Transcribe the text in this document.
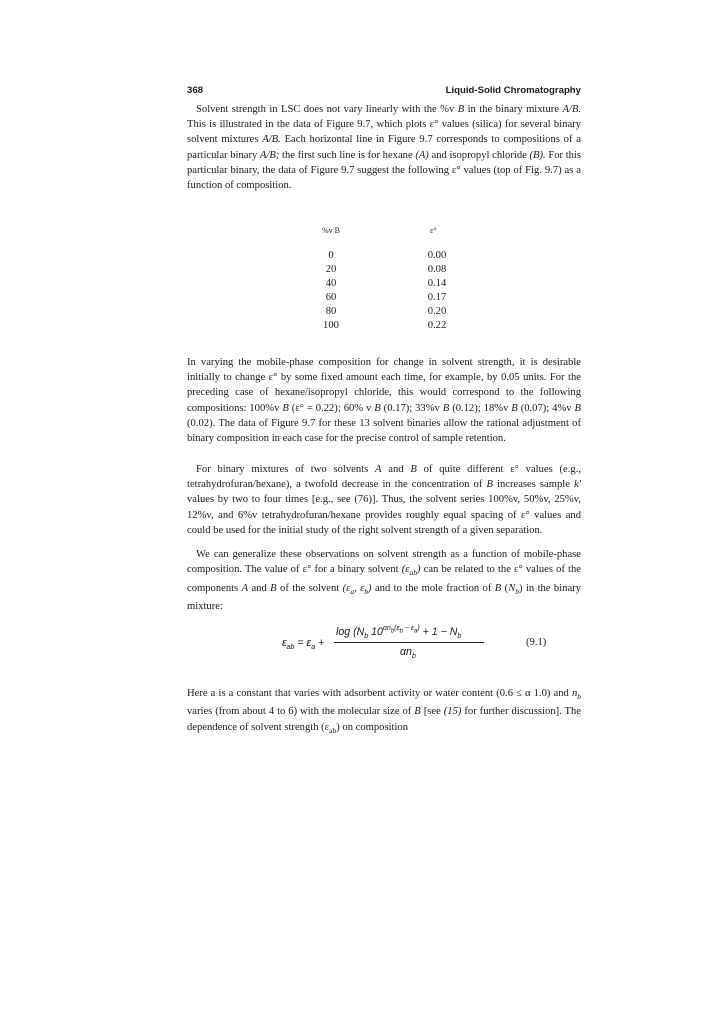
368	Liquid-Solid Chromatography

Solvent strength in LSC does not vary linearly with the %v B in the binary mixture A/B. This is illustrated in the data of Figure 9.7, which plots ε° values (silica) for several binary solvent mixtures A/B. Each horizontal line in Figure 9.7 corresponds to compositions of a particular binary A/B; the first such line is for hexane (A) and isopropyl chloride (B). For this particular binary, the data of Figure 9.7 suggest the following ε° values (top of Fig. 9.7) as a function of composition.

%v B	ε°
0	0.00
20	0.08
40	0.14
60	0.17
80	0.20
100	0.22

In varying the mobile-phase composition for change in solvent strength, it is desirable initially to change ε° by some fixed amount each time, for example, by 0.05 units. For the preceding case of hexane/isopropyl chloride, this would correspond to the following compositions: 100%v B (ε° = 0.22); 60% v B (0.17); 33%v B (0.12); 18%v B (0.07); 4%v B (0.02). The data of Figure 9.7 for these 13 solvent binaries allow the rational adjustment of binary composition in each case for the precise control of sample retention.

For binary mixtures of two solvents A and B of quite different ε° values (e.g., tetrahydrofuran/hexane), a twofold decrease in the concentration of B increases sample k' values by two to four times [e.g., see (76)]. Thus, the solvent series 100%v, 50%v, 25%v, 12%v, and 6%v tetrahydrofuran/hexane provides roughly equal spacing of ε° values and could be used for the initial study of the right solvent strength of a given separation.

We can generalize these observations on solvent strength as a function of mobile-phase composition. The value of ε° for a binary solvent $(\varepsilon_{ab})$ can be related to the ε° values of the components A and B of the solvent ($\varepsilon_a$, $\varepsilon_b$) and to the mole fraction of B $(N_b)$ in the binary mixture:

$\varepsilon_{ab} = \varepsilon_a$ +
$\log (N_b$ $10^{\alpha n_b(\varepsilon_b - \varepsilon_a)} + 1 - N_b$
$\alpha n_b$
(9.1)

Here a is a constant that varies with adsorbent activity or water content (0.6 ≤ α 1.0) and $n_b$ varies (from about 4 to 6) with the molecular size of B [see (15) for further discussion]. The dependence of solvent strength $(\varepsilon_{ab})$ on composition
